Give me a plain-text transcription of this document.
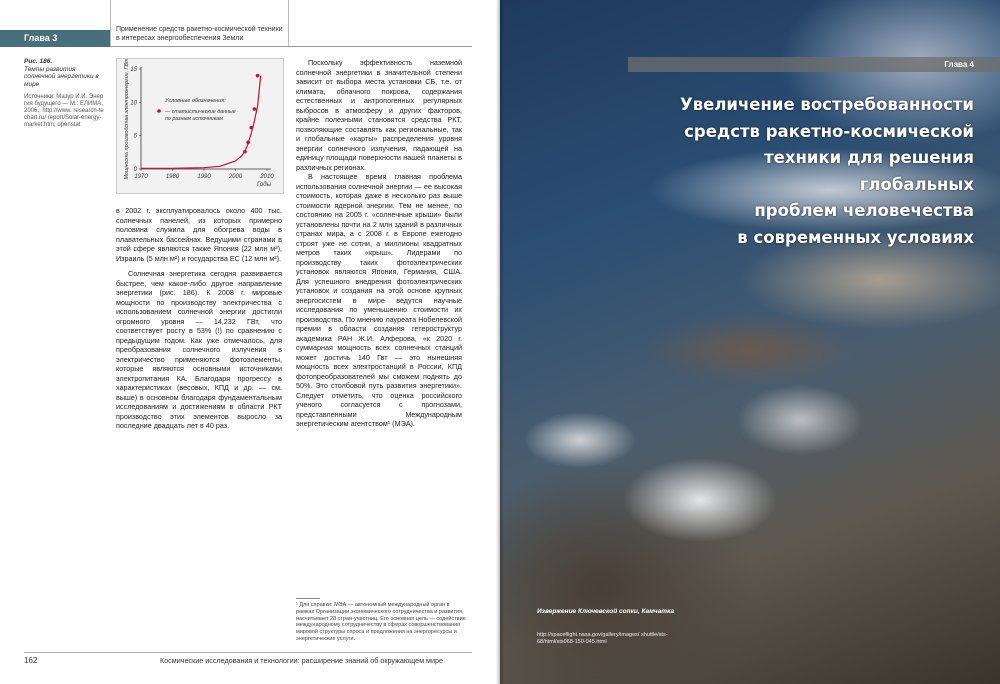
Глава 3
Применение средств ракетно-космической техники в интересах энергообеспечения Земли
Рис. 186.
Темпы развития солнечной энергетики в мире
Источники: Мазур И.И. Энергия будущего — М.: ЕЛИМА, 2006.; http://www. research-techart.ru/ report/Solar-energy-market.htm; openstat
1970	1980	1990	2000	2010
0
5
10
15
Годы
Мощность производства электроэнергии, ГВт	Условные обозначения:
— статистические данные по разным источникам

в 2002 г. эксплуатировалось около 400 тыс. солнечных панелей, из которых примерно половина служила для обогрева воды в плавательных бассейнах. Ведущими странами в этой сфере являются также Япония (22 млн м²), Израиль (5 млн м²) и государства ЕС (12 млн м²).

Солнечная энергетика сегодня развивается быстрее, чем какое-либо другое направление энергетики (рис. 186). К 2008 г. мировые мощности по производству электричества с использованием солнечной энергии достигли огромного уровня — 14,232 ГВт, что соответствует росту в 53% (!) по сравнению с предыдущим годом. Как уже отмечалось, для преобразования солнечного излучения в электричество применяются фотоэлементы, которые являются основными источниками электропитания КА. Благодаря прогрессу в характеристиках (весовых, КПД и др. — см. выше) в основном благодаря фундаментальным исследованиям и достижениям в области РКТ производство этих элементов выросло за последние двадцать лет в 40 раз.

Поскольку эффективность наземной солнечной энергетики в значительной степени зависит от выбора места установки СБ, т.е. от климата, облачного покрова, содержания естественных и антропогенных регулярных выбросов в атмосферу и других факторов, крайне полезными становятся средства РКТ, позволяющие составлять как региональные, так и глобальные «карты» распределения уровня энергии солнечного излучения, падающей на единицу площади поверхности нашей планеты в различных регионах.

В настоящее время главная проблема использования солнечной энергии — ее высокая стоимость, которая даже в несколько раз выше стоимости ядерной энергии. Тем не менее, по состоянию на 2005 г. «солнечные крыши» были установлены почти на 2 млн зданий в различных странах мира, а с 2008 г. в Европе ежегодно строят уже не сотни, а миллионы квадратных метров таких «крыш». Лидерами по производству таких фотоэлектрических установок являются Япония, Германия, США. Для успешного внедрения фотоэлектрических установок и создания на этой основе крупных энергосистем в мире ведутся научные исследования по уменьшению стоимости их производства. По мнению лауреата Нобелевской премии в области создания гетероструктур академика РАН Ж.И. Алферова, «к 2020 г. суммарная мощность всех солнечных станций может достичь 140 Гвт — это нынешняя мощность всех электростанций в России, КПД фотопреобразователей мы сможем поднять до 50%. Это столбовой путь развития энергетики». Следует отметить, что оценка российского ученого согласуется с прогнозами, представленными Международным энергетическим агентством¹ (МЭА).

¹ Для справки: МЭА — автономный международный орган в рамках Организации экономического сотрудничества и развития, насчитывает 28 стран-участниц. Его основная цель — содействие международному сотрудничеству в сферах совершенствования мировой структуры спроса и предложения на энергоресурсы и энергетические услуги.
162	Космические исследования и технологии: расширение знаний об окружающем мире
Глава 4
Увеличение востребованности
средств ракетно-космической
техники для решения глобальных
проблем человечества
в современных условиях
Извержение Ключевской сопки, Камчатка
http://spaceflight.nasa.gov/gallery/images/ shuttle/sts-68/html/sts068-150-045.html
